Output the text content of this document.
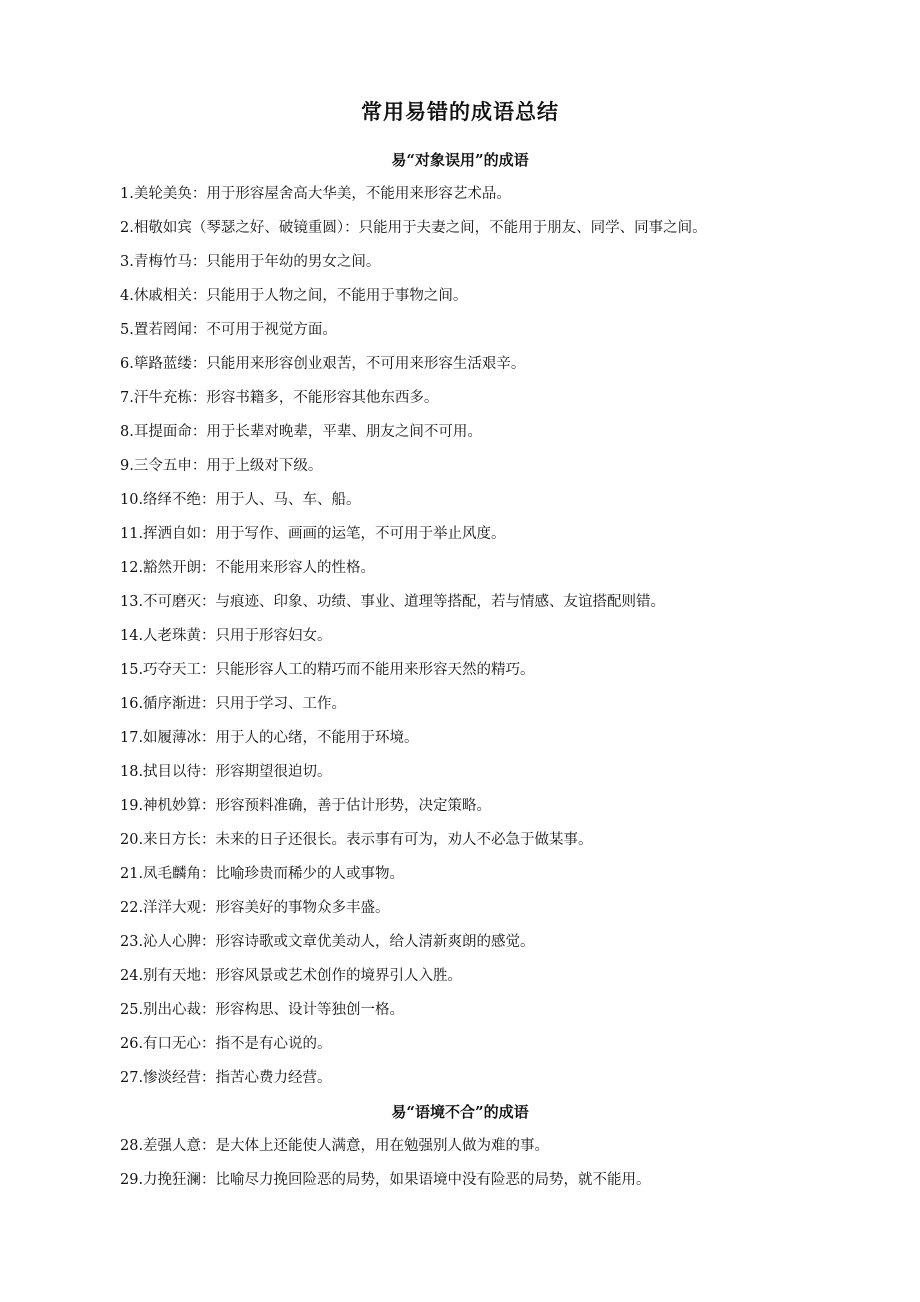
常用易错的成语总结
易“对象误用”的成语

1.美轮美奂：用于形容屋舍高大华美，不能用来形容艺术品。

2.相敬如宾（琴瑟之好、破镜重圆）：只能用于夫妻之间，不能用于朋友、同学、同事之间。

3.青梅竹马：只能用于年幼的男女之间。

4.休戚相关：只能用于人物之间，不能用于事物之间。

5.置若罔闻：不可用于视觉方面。

6.筚路蓝缕：只能用来形容创业艰苦，不可用来形容生活艰辛。

7.汗牛充栋：形容书籍多，不能形容其他东西多。

8.耳提面命：用于长辈对晚辈，平辈、朋友之间不可用。

9.三令五申：用于上级对下级。

10.络绎不绝：用于人、马、车、船。

11.挥洒自如：用于写作、画画的运笔，不可用于举止风度。

12.豁然开朗：不能用来形容人的性格。

13.不可磨灭：与痕迹、印象、功绩、事业、道理等搭配，若与情感、友谊搭配则错。

14.人老珠黄：只用于形容妇女。

15.巧夺天工：只能形容人工的精巧而不能用来形容天然的精巧。

16.循序渐进：只用于学习、工作。

17.如履薄冰：用于人的心绪，不能用于环境。

18.拭目以待：形容期望很迫切。

19.神机妙算：形容预料准确，善于估计形势，决定策略。

20.来日方长：未来的日子还很长。表示事有可为，劝人不必急于做某事。

21.凤毛麟角：比喻珍贵而稀少的人或事物。

22.洋洋大观：形容美好的事物众多丰盛。

23.沁人心脾：形容诗歌或文章优美动人，给人清新爽朗的感觉。

24.别有天地：形容风景或艺术创作的境界引人入胜。

25.别出心裁：形容构思、设计等独创一格。

26.有口无心：指不是有心说的。

27.惨淡经营：指苦心费力经营。

易“语境不合”的成语

28.差强人意：是大体上还能使人满意，用在勉强别人做为难的事。

29.力挽狂澜：比喻尽力挽回险恶的局势，如果语境中没有险恶的局势，就不能用。
